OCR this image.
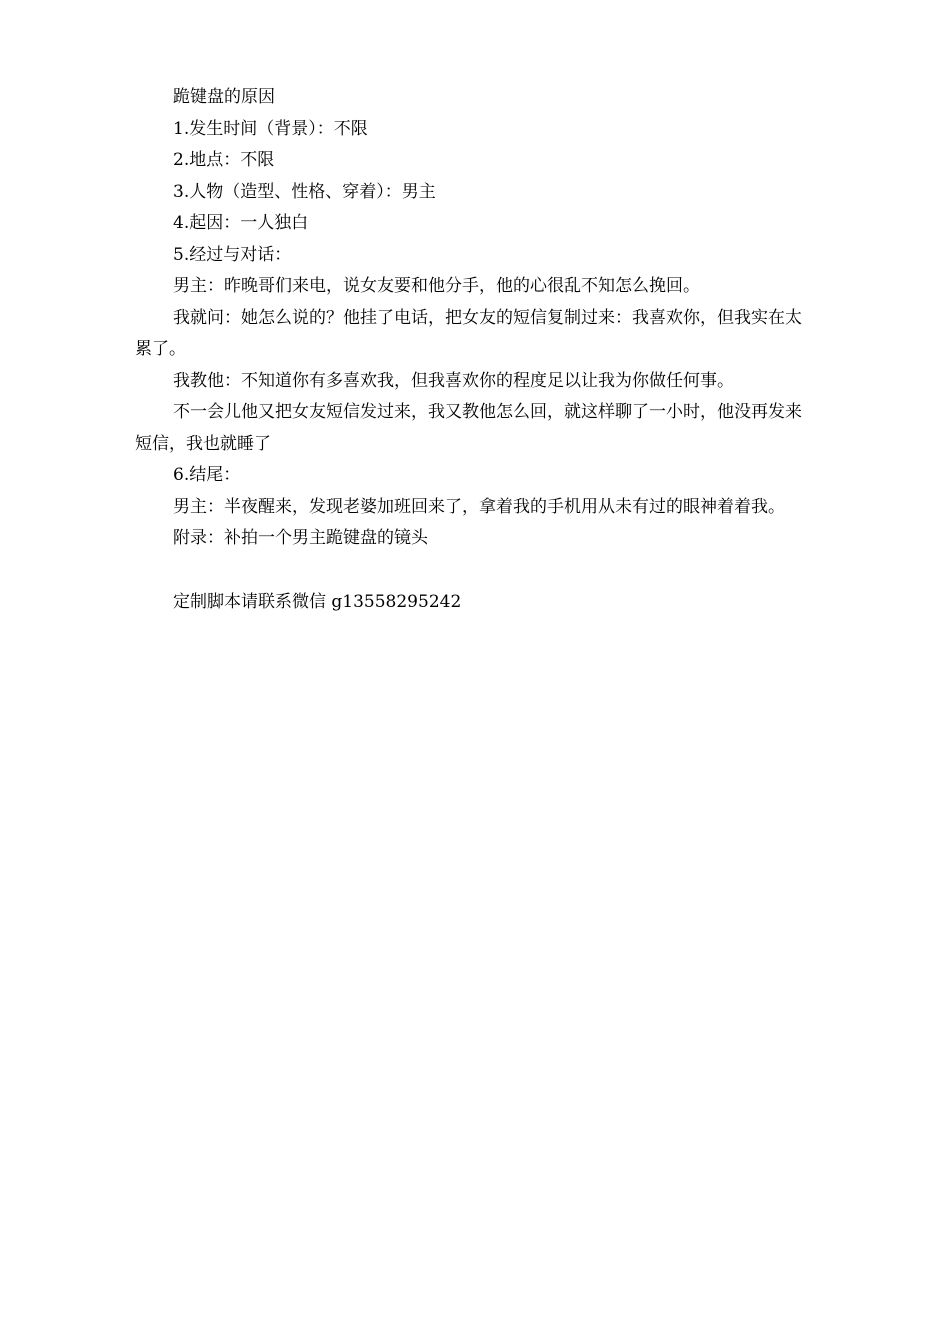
跪键盘的原因

1.发生时间（背景）：不限

2.地点：不限

3.人物（造型、性格、穿着）：男主

4.起因：一人独白

5.经过与对话：

男主：昨晚哥们来电，说女友要和他分手，他的心很乱不知怎么挽回。

我就问：她怎么说的？他挂了电话，把女友的短信复制过来：我喜欢你，但我实在太累了。

我教他：不知道你有多喜欢我，但我喜欢你的程度足以让我为你做任何事。

不一会儿他又把女友短信发过来，我又教他怎么回，就这样聊了一小时，他没再发来短信，我也就睡了

6.结尾：

男主：半夜醒来，发现老婆加班回来了，拿着我的手机用从未有过的眼神着着我。

附录：补拍一个男主跪键盘的镜头

定制脚本请联系微信 g13558295242
